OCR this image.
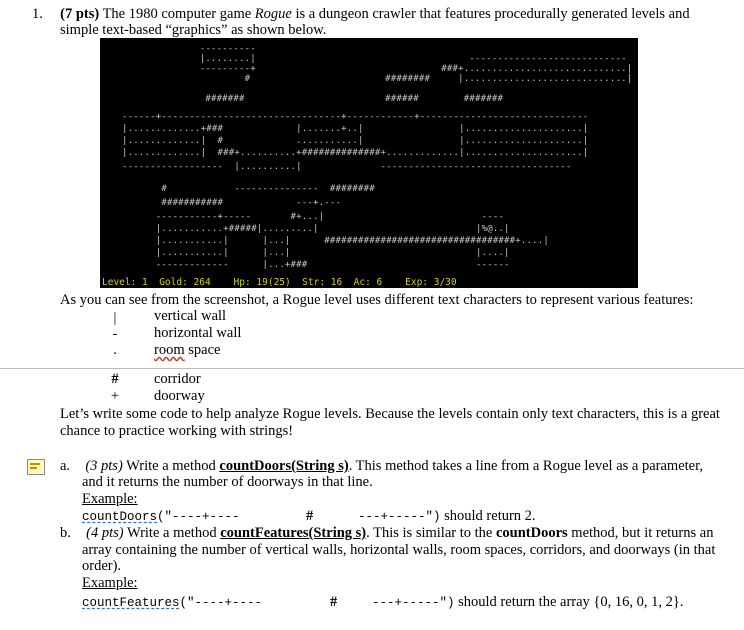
1. (7 pts) The 1980 computer game Rogue is a dungeon crawler that features procedurally generated levels and
simple text-based “graphics” as shown below.
----------
|........|                                      ----------------------------
---------+                                 ###+.............................|
#                        ########     |.............................|
#######                         ######        #######
------+--------------------------------+------------+------------------------------
|.............+###             |.......+..|                 |.....................|
|.............|  #             ...........|                 |.....................|
|.............|  ###+..........+##############+.............|.....................|
------------------  |..........|              ----------------------------------
#            ---------------  ########
###########             ---+.---
-----------+-----       #+...|                            ----
|...........+#####|.........|                            |%@..|
|...........|      |...|      ##################################+....|
|...........|      |...|                                 |....|
-------------      |...+###                              ------
Level: 1  Gold: 264    Hp: 19(25)  Str: 16  Ac: 6    Exp: 3/30
As you can see from the screenshot, a Rogue level uses different text characters to represent various features:
|	vertical wall
-	horizontal wall
.	room space
#	corridor
+	doorway
Let’s write some code to help analyze Rogue levels. Because the levels contain only text characters, this is a great
chance to practice working with strings!
a. (3 pts) Write a method countDoors(String s). This method takes a line from a Rogue level as a parameter,
and it returns the number of doorways in that line.
Example:
countDoors("----+----	#	---+-----") should return 2.
b. (4 pts) Write a method countFeatures(String s). This is similar to the countDoors method, but it returns an
array containing the number of vertical walls, horizontal walls, room spaces, corridors, and doorways (in that
order).
Example:
countFeatures("----+----	#	---+-----") should return the array {0, 16, 0, 1, 2}.
